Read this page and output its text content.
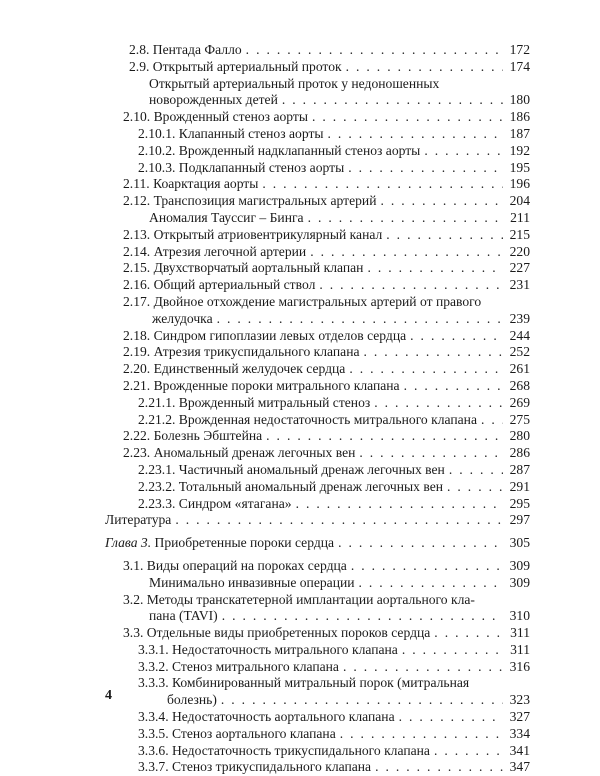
2.8. Пентада Фалло . . .	172
2.9. Открытый артериальный проток . . .	174
Открытый артериальный проток у недоношенных
новорожденных детей . . .	180
2.10. Врожденный стеноз аорты . . .	186
2.10.1. Клапанный стеноз аорты . . .	187
2.10.2. Врожденный надклапанный стеноз аорты . . .	192
2.10.3. Подклапанный стеноз аорты . . .	195
2.11. Коарктация аорты . . .	196
2.12. Транспозиция магистральных артерий . . .	204
Аномалия Тауссиг – Бинга . . .	211
2.13. Открытый атриовентрикулярный канал . . .	215
2.14. Атрезия легочной артерии . . .	220
2.15. Двухстворчатый аортальный клапан . . .	227
2.16. Общий артериальный ствол . . .	231
2.17. Двойное отхождение магистральных артерий от правого
желудочка . . .	239
2.18. Синдром гипоплазии левых отделов сердца . . .	244
2.19. Атрезия трикуспидального клапана . . .	252
2.20. Единственный желудочек сердца . . .	261
2.21. Врожденные пороки митрального клапана . . .	268
2.21.1. Врожденный митральный стеноз . . .	269
2.21.2. Врожденная недостаточность митрального клапана . . . 275
2.22. Болезнь Эбштейна . . .	280
2.23. Аномальный дренаж легочных вен . . .	286
2.23.1. Частичный аномальный дренаж легочных вен . . .	287
2.23.2. Тотальный аномальный дренаж легочных вен . . .	291
2.23.3. Синдром «ятагана» . . .	295
Литература . . .	297
Глава 3.
Приобретенные пороки сердца . . .	305
3.1. Виды операций на пороках сердца . . .	309
Минимально инвазивные операции . . .	309
3.2. Методы транскатетерной имплантации аортального кла-
пана (TAVI) . . .	310
3.3. Отдельные виды приобретенных пороков сердца . . .	311
3.3.1. Недостаточность митрального клапана . . .	311
3.3.2. Стеноз митрального клапана . . .	316
3.3.3. Комбинированный митральный порок (митральная
болезнь) . . .	323
3.3.4. Недостаточность аортального клапана . . .	327
3.3.5. Стеноз аортального клапана . . .	334
3.3.6. Недостаточность трикуспидального клапана . . .	341
3.3.7. Стеноз трикуспидального клапана . . .	347
4
